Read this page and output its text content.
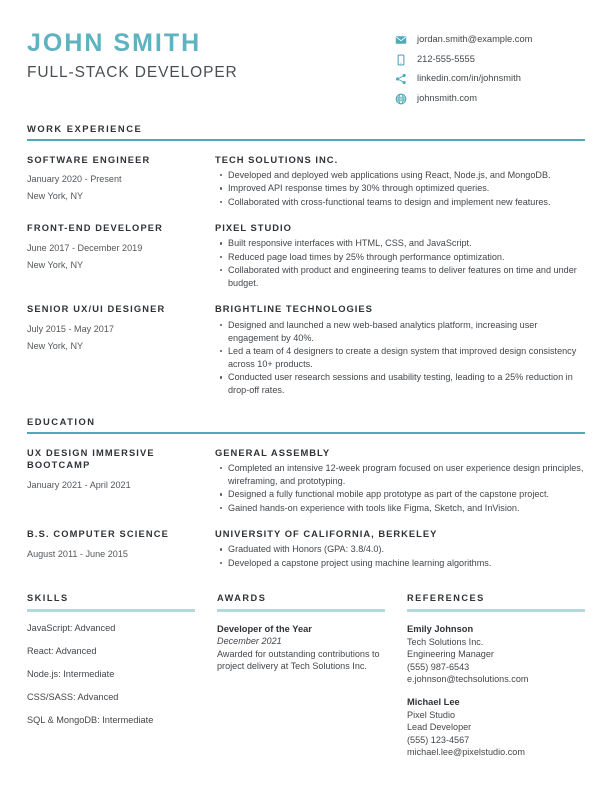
JOHN SMITH
FULL-STACK DEVELOPER
jordan.smith@example.com
212-555-5555
linkedin.com/in/johnsmith
johnsmith.com
WORK EXPERIENCE
SOFTWARE ENGINEER
January 2020 - Present
New York, NY
TECH SOLUTIONS INC.
Developed and deployed web applications using React, Node.js, and MongoDB.
Improved API response times by 30% through optimized queries.
Collaborated with cross-functional teams to design and implement new features.
FRONT-END DEVELOPER
June 2017 - December 2019
New York, NY
PIXEL STUDIO
Built responsive interfaces with HTML, CSS, and JavaScript.
Reduced page load times by 25% through performance optimization.
Collaborated with product and engineering teams to deliver features on time and under budget.
SENIOR UX/UI DESIGNER
July 2015 - May 2017
New York, NY
BRIGHTLINE TECHNOLOGIES
Designed and launched a new web-based analytics platform, increasing user engagement by 40%.
Led a team of 4 designers to create a design system that improved design consistency across 10+ products.
Conducted user research sessions and usability testing, leading to a 25% reduction in drop-off rates.
EDUCATION
UX DESIGN IMMERSIVE BOOTCAMP
January 2021 - April 2021
GENERAL ASSEMBLY
Completed an intensive 12-week program focused on user experience design principles, wireframing, and prototyping.
Designed a fully functional mobile app prototype as part of the capstone project.
Gained hands-on experience with tools like Figma, Sketch, and InVision.
B.S. COMPUTER SCIENCE
August 2011 - June 2015
UNIVERSITY OF CALIFORNIA, BERKELEY
Graduated with Honors (GPA: 3.8/4.0).
Developed a capstone project using machine learning algorithms.
SKILLS
JavaScript: Advanced
React: Advanced
Node.js: Intermediate
CSS/SASS: Advanced
SQL & MongoDB: Intermediate
AWARDS
Developer of the Year
December 2021
Awarded for outstanding contributions to project delivery at Tech Solutions Inc.
REFERENCES
Emily Johnson
Tech Solutions Inc.
Engineering Manager
(555) 987-6543
e.johnson@techsolutions.com
Michael Lee
Pixel Studio
Lead Developer
(555) 123-4567
michael.lee@pixelstudio.com
